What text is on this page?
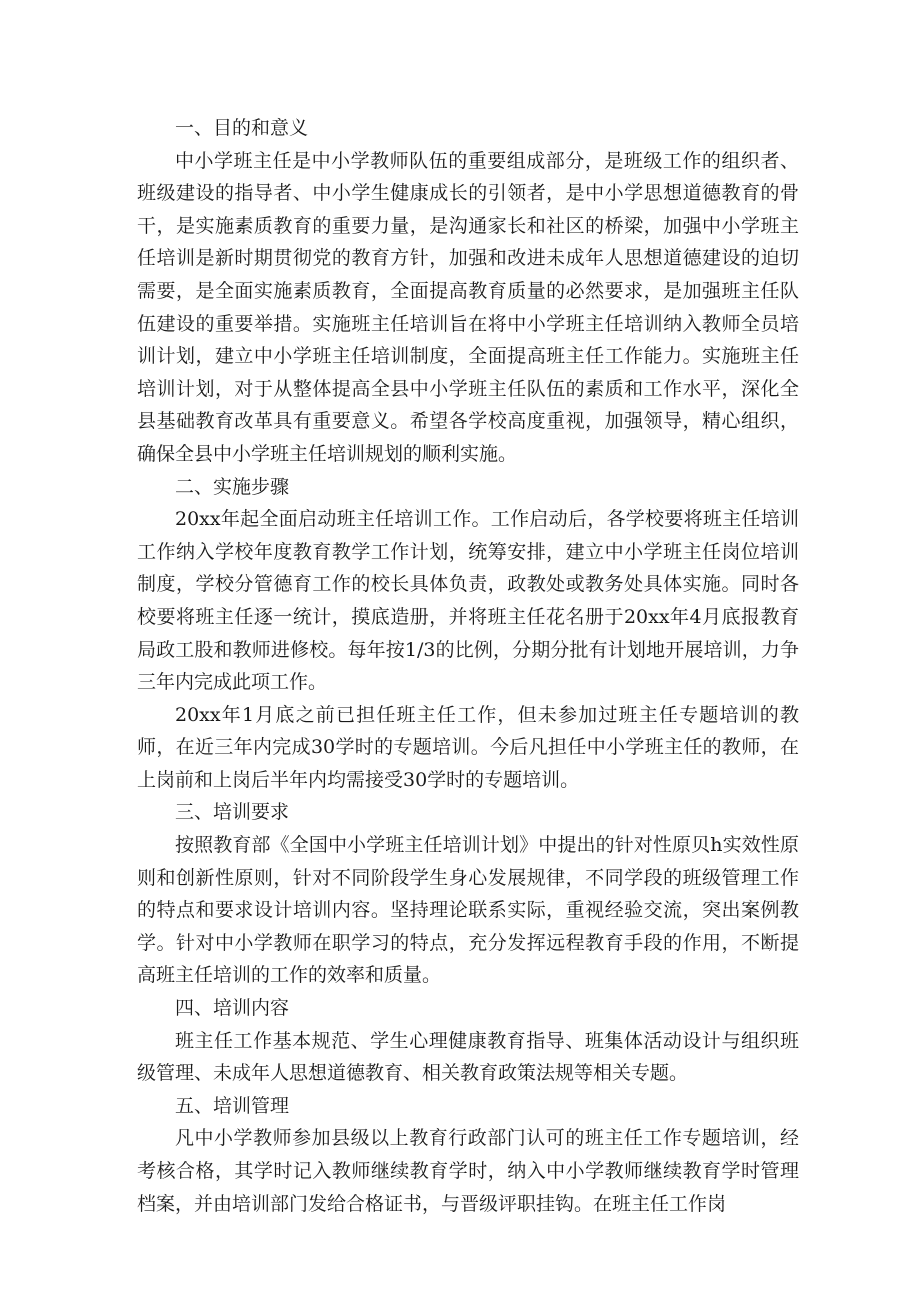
一、目的和意义

中小学班主任是中小学教师队伍的重要组成部分，是班级工作的组织者、班级建设的指导者、中小学生健康成长的引领者，是中小学思想道德教育的骨干，是实施素质教育的重要力量，是沟通家长和社区的桥梁，加强中小学班主任培训是新时期贯彻党的教育方针，加强和改进未成年人思想道德建设的迫切需要，是全面实施素质教育，全面提高教育质量的必然要求，是加强班主任队伍建设的重要举措。实施班主任培训旨在将中小学班主任培训纳入教师全员培训计划，建立中小学班主任培训制度，全面提高班主任工作能力。实施班主任培训计划，对于从整体提高全县中小学班主任队伍的素质和工作水平，深化全县基础教育改革具有重要意义。希望各学校高度重视，加强领导，精心组织，确保全县中小学班主任培训规划的顺利实施。

二、实施步骤

20xx年起全面启动班主任培训工作。工作启动后，各学校要将班主任培训工作纳入学校年度教育教学工作计划，统筹安排，建立中小学班主任岗位培训制度，学校分管德育工作的校长具体负责，政教处或教务处具体实施。同时各校要将班主任逐一统计，摸底造册，并将班主任花名册于20xx年4月底报教育局政工股和教师进修校。每年按1/3的比例，分期分批有计划地开展培训，力争三年内完成此项工作。

20xx年1月底之前已担任班主任工作，但未参加过班主任专题培训的教师，在近三年内完成30学时的专题培训。今后凡担任中小学班主任的教师，在上岗前和上岗后半年内均需接受30学时的专题培训。

三、培训要求

按照教育部《全国中小学班主任培训计划》中提出的针对性原贝h实效性原则和创新性原则，针对不同阶段学生身心发展规律，不同学段的班级管理工作的特点和要求设计培训内容。坚持理论联系实际，重视经验交流，突出案例教学。针对中小学教师在职学习的特点，充分发挥远程教育手段的作用，不断提高班主任培训的工作的效率和质量。

四、培训内容

班主任工作基本规范、学生心理健康教育指导、班集体活动设计与组织班级管理、未成年人思想道德教育、相关教育政策法规等相关专题。

五、培训管理

凡中小学教师参加县级以上教育行政部门认可的班主任工作专题培训，经考核合格，其学时记入教师继续教育学时，纳入中小学教师继续教育学时管理档案，并由培训部门发给合格证书，与晋级评职挂钩。在班主任工作岗
